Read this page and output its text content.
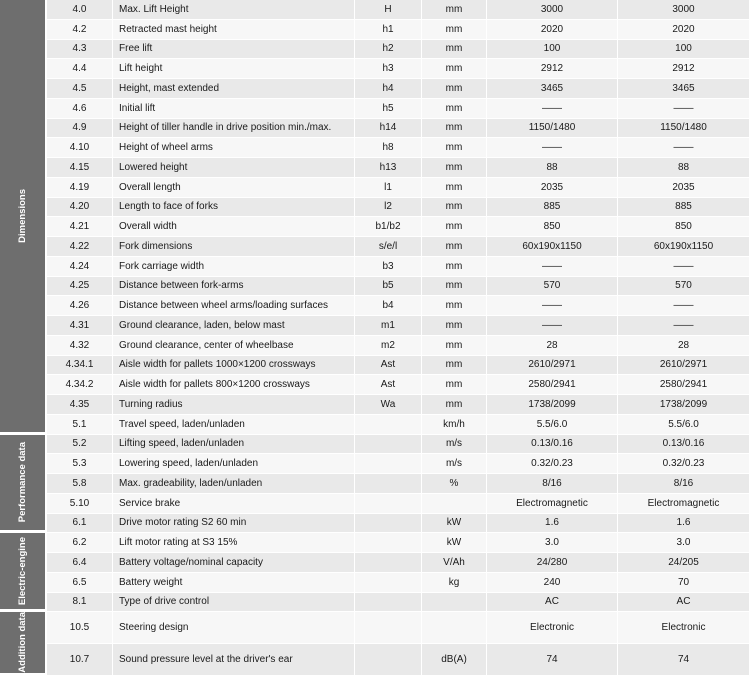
Dimensions	4.0	Max. Lift Height	H	mm	3000	3000
	4.2	Retracted mast height	h1	mm	2020	2020
	4.3	Free lift	h2	mm	100	100
	4.4	Lift height	h3	mm	2912	2912
	4.5	Height, mast extended	h4	mm	3465	3465
	4.6	Initial lift	h5	mm	——	——
	4.9	Height of tiller handle in drive position min./max.	h14	mm	1150/1480	1150/1480
	4.10	Height of wheel arms	h8	mm	——	——
	4.15	Lowered height	h13	mm	88	88
	4.19	Overall length	l1	mm	2035	2035
	4.20	Length to face of forks	l2	mm	885	885
	4.21	Overall width	b1/b2	mm	850	850
	4.22	Fork dimensions	s/e/l	mm	60x190x1150	60x190x1150
	4.24	Fork carriage width	b3	mm	——	——
	4.25	Distance between fork-arms	b5	mm	570	570
	4.26	Distance between wheel arms/loading surfaces	b4	mm	——	——
	4.31	Ground clearance, laden, below mast	m1	mm	——	——
	4.32	Ground clearance, center of wheelbase	m2	mm	28	28
	4.34.1	Aisle width for pallets 1000×1200 crossways	Ast	mm	2610/2971	2610/2971
	4.34.2	Aisle width for pallets 800×1200 crossways	Ast	mm	2580/2941	2580/2941
	4.35	Turning radius	Wa	mm	1738/2099	1738/2099
	5.1	Travel speed, laden/unladen		km/h	5.5/6.0	5.5/6.0

Performance data	5.2	Lifting speed, laden/unladen		m/s	0.13/0.16	0.13/0.16
	5.3	Lowering speed, laden/unladen		m/s	0.32/0.23	0.32/0.23
	5.8	Max. gradeability, laden/unladen		%	8/16	8/16
	5.10	Service brake			Electromagnetic	Electromagnetic
	6.1	Drive motor rating S2 60 min		kW	1.6	1.6

Electric-engine	6.2	Lift motor rating at S3 15%		kW	3.0	3.0
	6.4	Battery voltage/nominal capacity		V/Ah	24/280	24/205
	6.5	Battery weight		kg	240	70
	8.1	Type of drive control			AC	AC

Addition data	10.5	Steering design			Electronic	Electronic
	10.7	Sound pressure level at the driver's ear		dB(A)	74	74
